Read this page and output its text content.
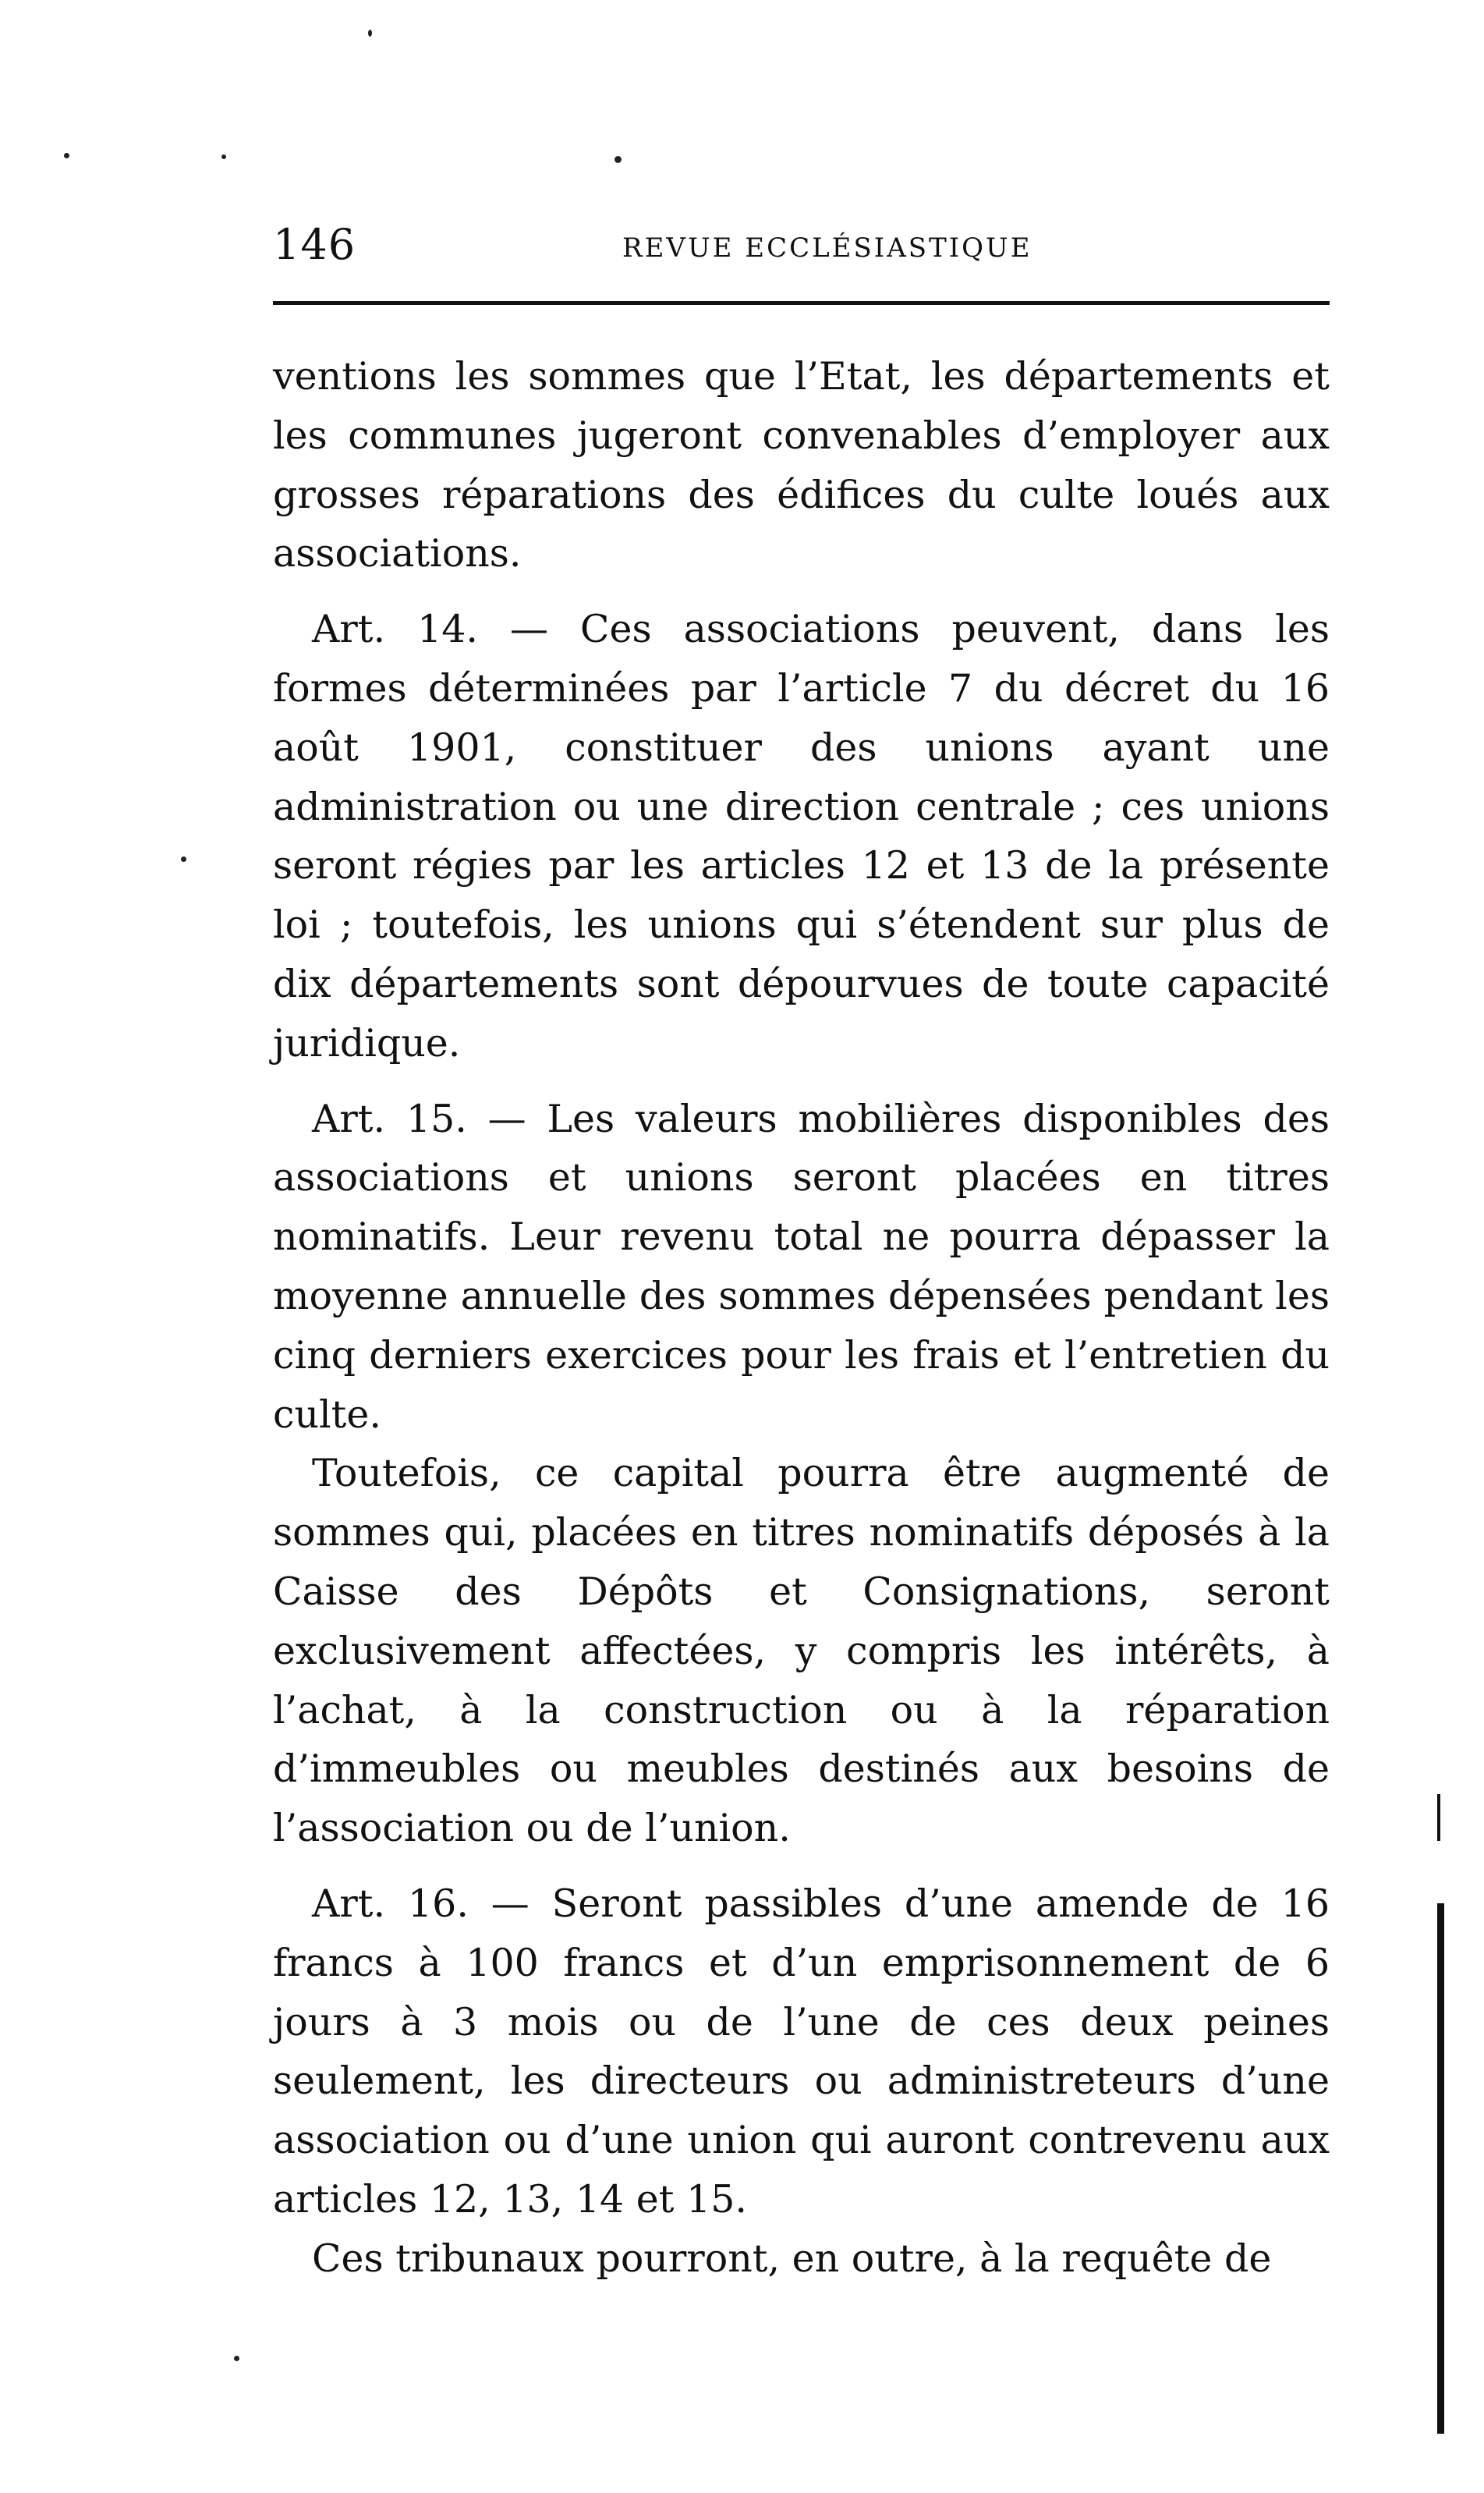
146	REVUE ECCLÉSIASTIQUE

ventions les sommes que l’Etat, les départements et les communes jugeront convenables d’employer aux grosses réparations des édifices du culte loués aux associations.

Art. 14. — Ces associations peuvent, dans les formes déterminées par l’article 7 du décret du 16 août 1901, constituer des unions ayant une administration ou une direction centrale ; ces unions seront régies par les articles 12 et 13 de la présente loi ; toutefois, les unions qui s’étendent sur plus de dix départements sont dépourvues de toute capacité juridique.

Art. 15. — Les valeurs mobilières disponibles des associations et unions seront placées en titres nominatifs. Leur revenu total ne pourra dépasser la moyenne annuelle des sommes dépensées pendant les cinq derniers exercices pour les frais et l’entretien du culte.

Toutefois, ce capital pourra être augmenté de sommes qui, placées en titres nominatifs déposés à la Caisse des Dépôts et Consignations, seront exclusivement affectées, y compris les intérêts, à l’achat, à la construction ou à la réparation d’immeubles ou meubles destinés aux besoins de l’association ou de l’union.

Art. 16. — Seront passibles d’une amende de 16 francs à 100 francs et d’un emprisonnement de 6 jours à 3 mois ou de l’une de ces deux peines seulement, les directeurs ou administreteurs d’une association ou d’une union qui auront contrevenu aux articles 12, 13, 14 et 15.

Ces tribunaux pourront, en outre, à la requête de
